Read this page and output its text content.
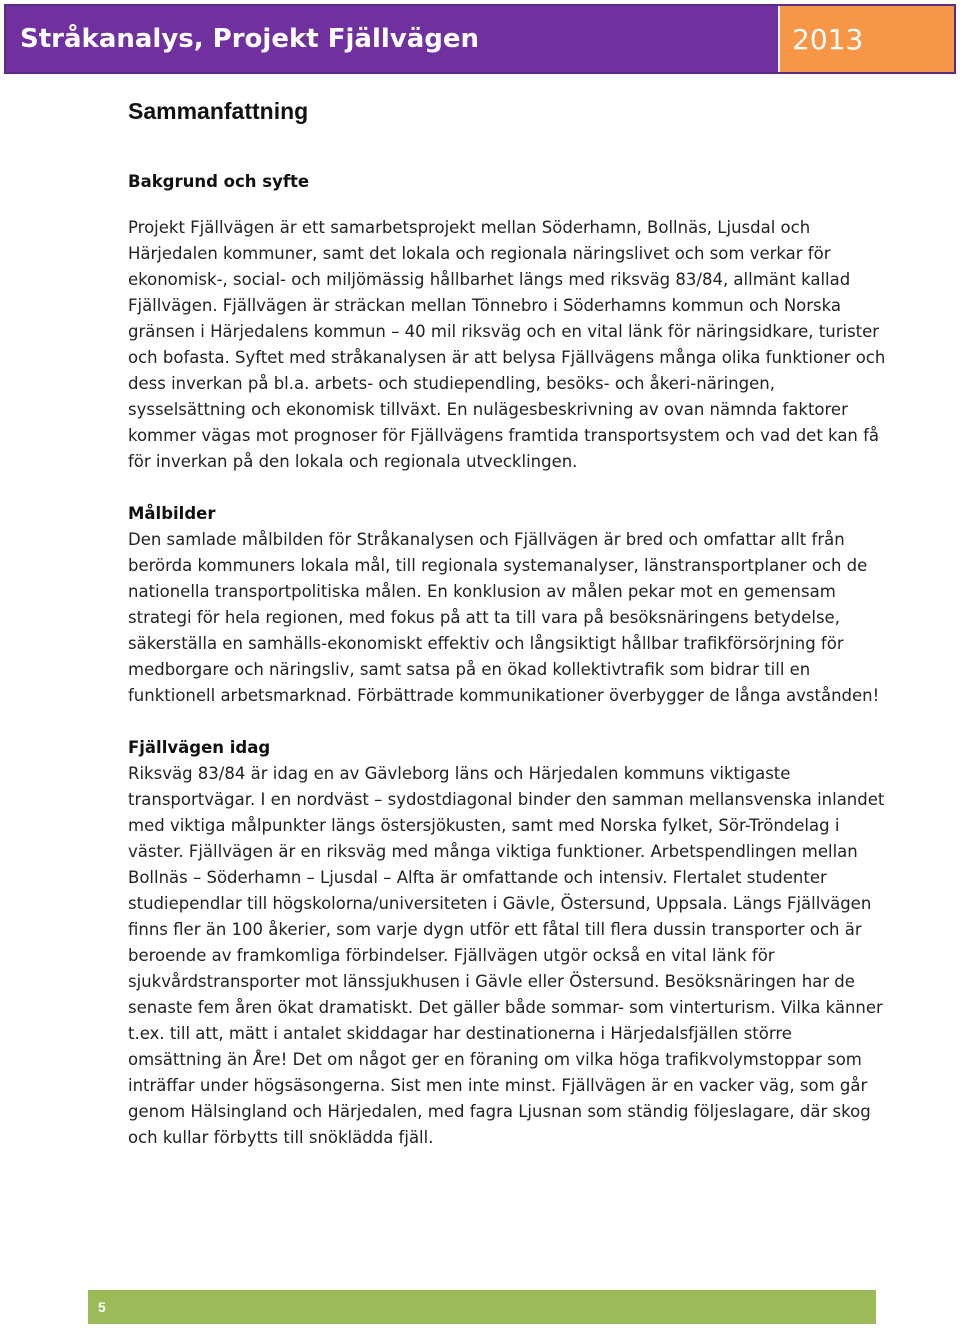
Stråkanalys, Projekt Fjällvägen	2013
Sammanfattning
Bakgrund och syfte

Projekt Fjällvägen är ett samarbetsprojekt mellan Söderhamn, Bollnäs, Ljusdal och Härjedalen kommuner, samt det lokala och regionala näringslivet och som verkar för ekonomisk-, social- och miljömässig hållbarhet längs med riksväg 83/84, allmänt kallad Fjällvägen. Fjällvägen är sträckan mellan Tönnebro i Söderhamns kommun och Norska gränsen i Härjedalens kommun – 40 mil riksväg och en vital länk för näringsidkare, turister och bofasta. Syftet med stråkanalysen är att belysa Fjällvägens många olika funktioner och dess inverkan på bl.a. arbets- och studiependling, besöks- och åkeri-näringen, sysselsättning och ekonomisk tillväxt. En nulägesbeskrivning av ovan nämnda faktorer kommer vägas mot prognoser för Fjällvägens framtida transportsystem och vad det kan få för inverkan på den lokala och regionala utvecklingen.

Målbilder

Den samlade målbilden för Stråkanalysen och Fjällvägen är bred och omfattar allt från berörda kommuners lokala mål, till regionala systemanalyser, länstransportplaner och de nationella transportpolitiska målen. En konklusion av målen pekar mot en gemensam strategi för hela regionen, med fokus på att ta till vara på besöksnäringens betydelse, säkerställa en samhälls-ekonomiskt effektiv och långsiktigt hållbar trafikförsörjning för medborgare och näringsliv, samt satsa på en ökad kollektivtrafik som bidrar till en funktionell arbetsmarknad. Förbättrade kommunikationer överbygger de långa avstånden!

Fjällvägen idag

Riksväg 83/84 är idag en av Gävleborg läns och Härjedalen kommuns viktigaste transportvägar. I en nordväst – sydostdiagonal binder den samman mellansvenska inlandet med viktiga målpunkter längs östersjökusten, samt med Norska fylket, Sör-Tröndelag i väster. Fjällvägen är en riksväg med många viktiga funktioner. Arbetspendlingen mellan Bollnäs – Söderhamn – Ljusdal – Alfta är omfattande och intensiv. Flertalet studenter studiependlar till högskolorna/universiteten i Gävle, Östersund, Uppsala. Längs Fjällvägen finns fler än 100 åkerier, som varje dygn utför ett fåtal till flera dussin transporter och är beroende av framkomliga förbindelser. Fjällvägen utgör också en vital länk för sjukvårdstransporter mot länssjukhusen i Gävle eller Östersund. Besöksnäringen har de senaste fem åren ökat dramatiskt. Det gäller både sommar- som vinterturism. Vilka känner t.ex. till att, mätt i antalet skiddagar har destinationerna i Härjedalsfjällen större omsättning än Åre! Det om något ger en föraning om vilka höga trafikvolymstoppar som inträffar under högsäsongerna. Sist men inte minst. Fjällvägen är en vacker väg, som går genom Hälsingland och Härjedalen, med fagra Ljusnan som ständig följeslagare, där skog och kullar förbytts till snöklädda fjäll.

5
